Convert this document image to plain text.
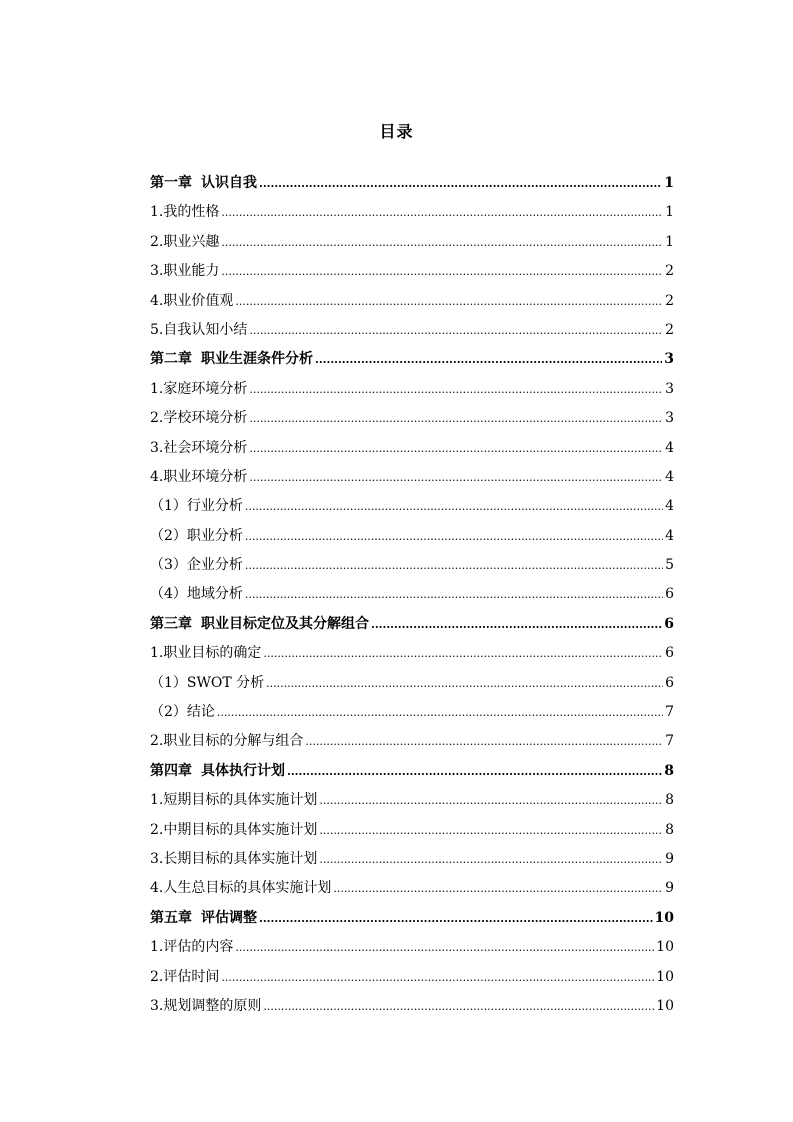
目录
第一章 认识自我 .....	1
1.我的性格 .....	1
2.职业兴趣 .....	1
3.职业能力 .....	2
4.职业价值观 .....	2
5.自我认知小结 .....	2
第二章 职业生涯条件分析 .....	3
1.家庭环境分析 .....	3
2.学校环境分析 .....	3
3.社会环境分析 .....	4
4.职业环境分析 .....	4
（1）行业分析 .....	4
（2）职业分析 .....	4
（3）企业分析 .....	5
（4）地域分析 .....	6
第三章 职业目标定位及其分解组合 .....	6
1.职业目标的确定 .....	6
（1）SWOT 分析 .....	6
（2）结论 .....	7
2.职业目标的分解与组合 .....	7
第四章 具体执行计划 .....	8
1.短期目标的具体实施计划 .....	8
2.中期目标的具体实施计划 .....	8
3.长期目标的具体实施计划 .....	9
4.人生总目标的具体实施计划 .....	9
第五章 评估调整 .....	10
1.评估的内容 .....	10
2.评估时间 .....	10
3.规划调整的原则 .....	10
